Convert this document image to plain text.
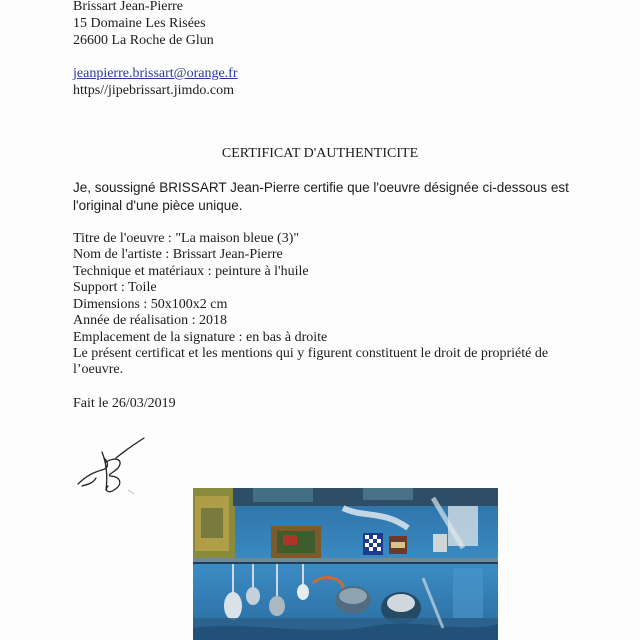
Brissart Jean-Pierre
15 Domaine Les Risées
26600 La Roche de Glun
jeanpierre.brissart@orange.fr
https//jipebrissart.jimdo.com
CERTIFICAT D'AUTHENTICITE
Je, soussigné BRISSART Jean-Pierre certifie que l'oeuvre désignée ci-dessous est
l'original d'une pièce unique.
Titre de l'oeuvre : "La maison bleue (3)"
Nom de l'artiste : Brissart Jean-Pierre
Technique et matériaux : peinture à l'huile
Support : Toile
Dimensions : 50x100x2 cm
Année de réalisation : 2018
Emplacement de la signature : en bas à droite
Le présent certificat et les mentions qui y figurent constituent le droit de propriété de
l’oeuvre.
Fait le 26/03/2019
